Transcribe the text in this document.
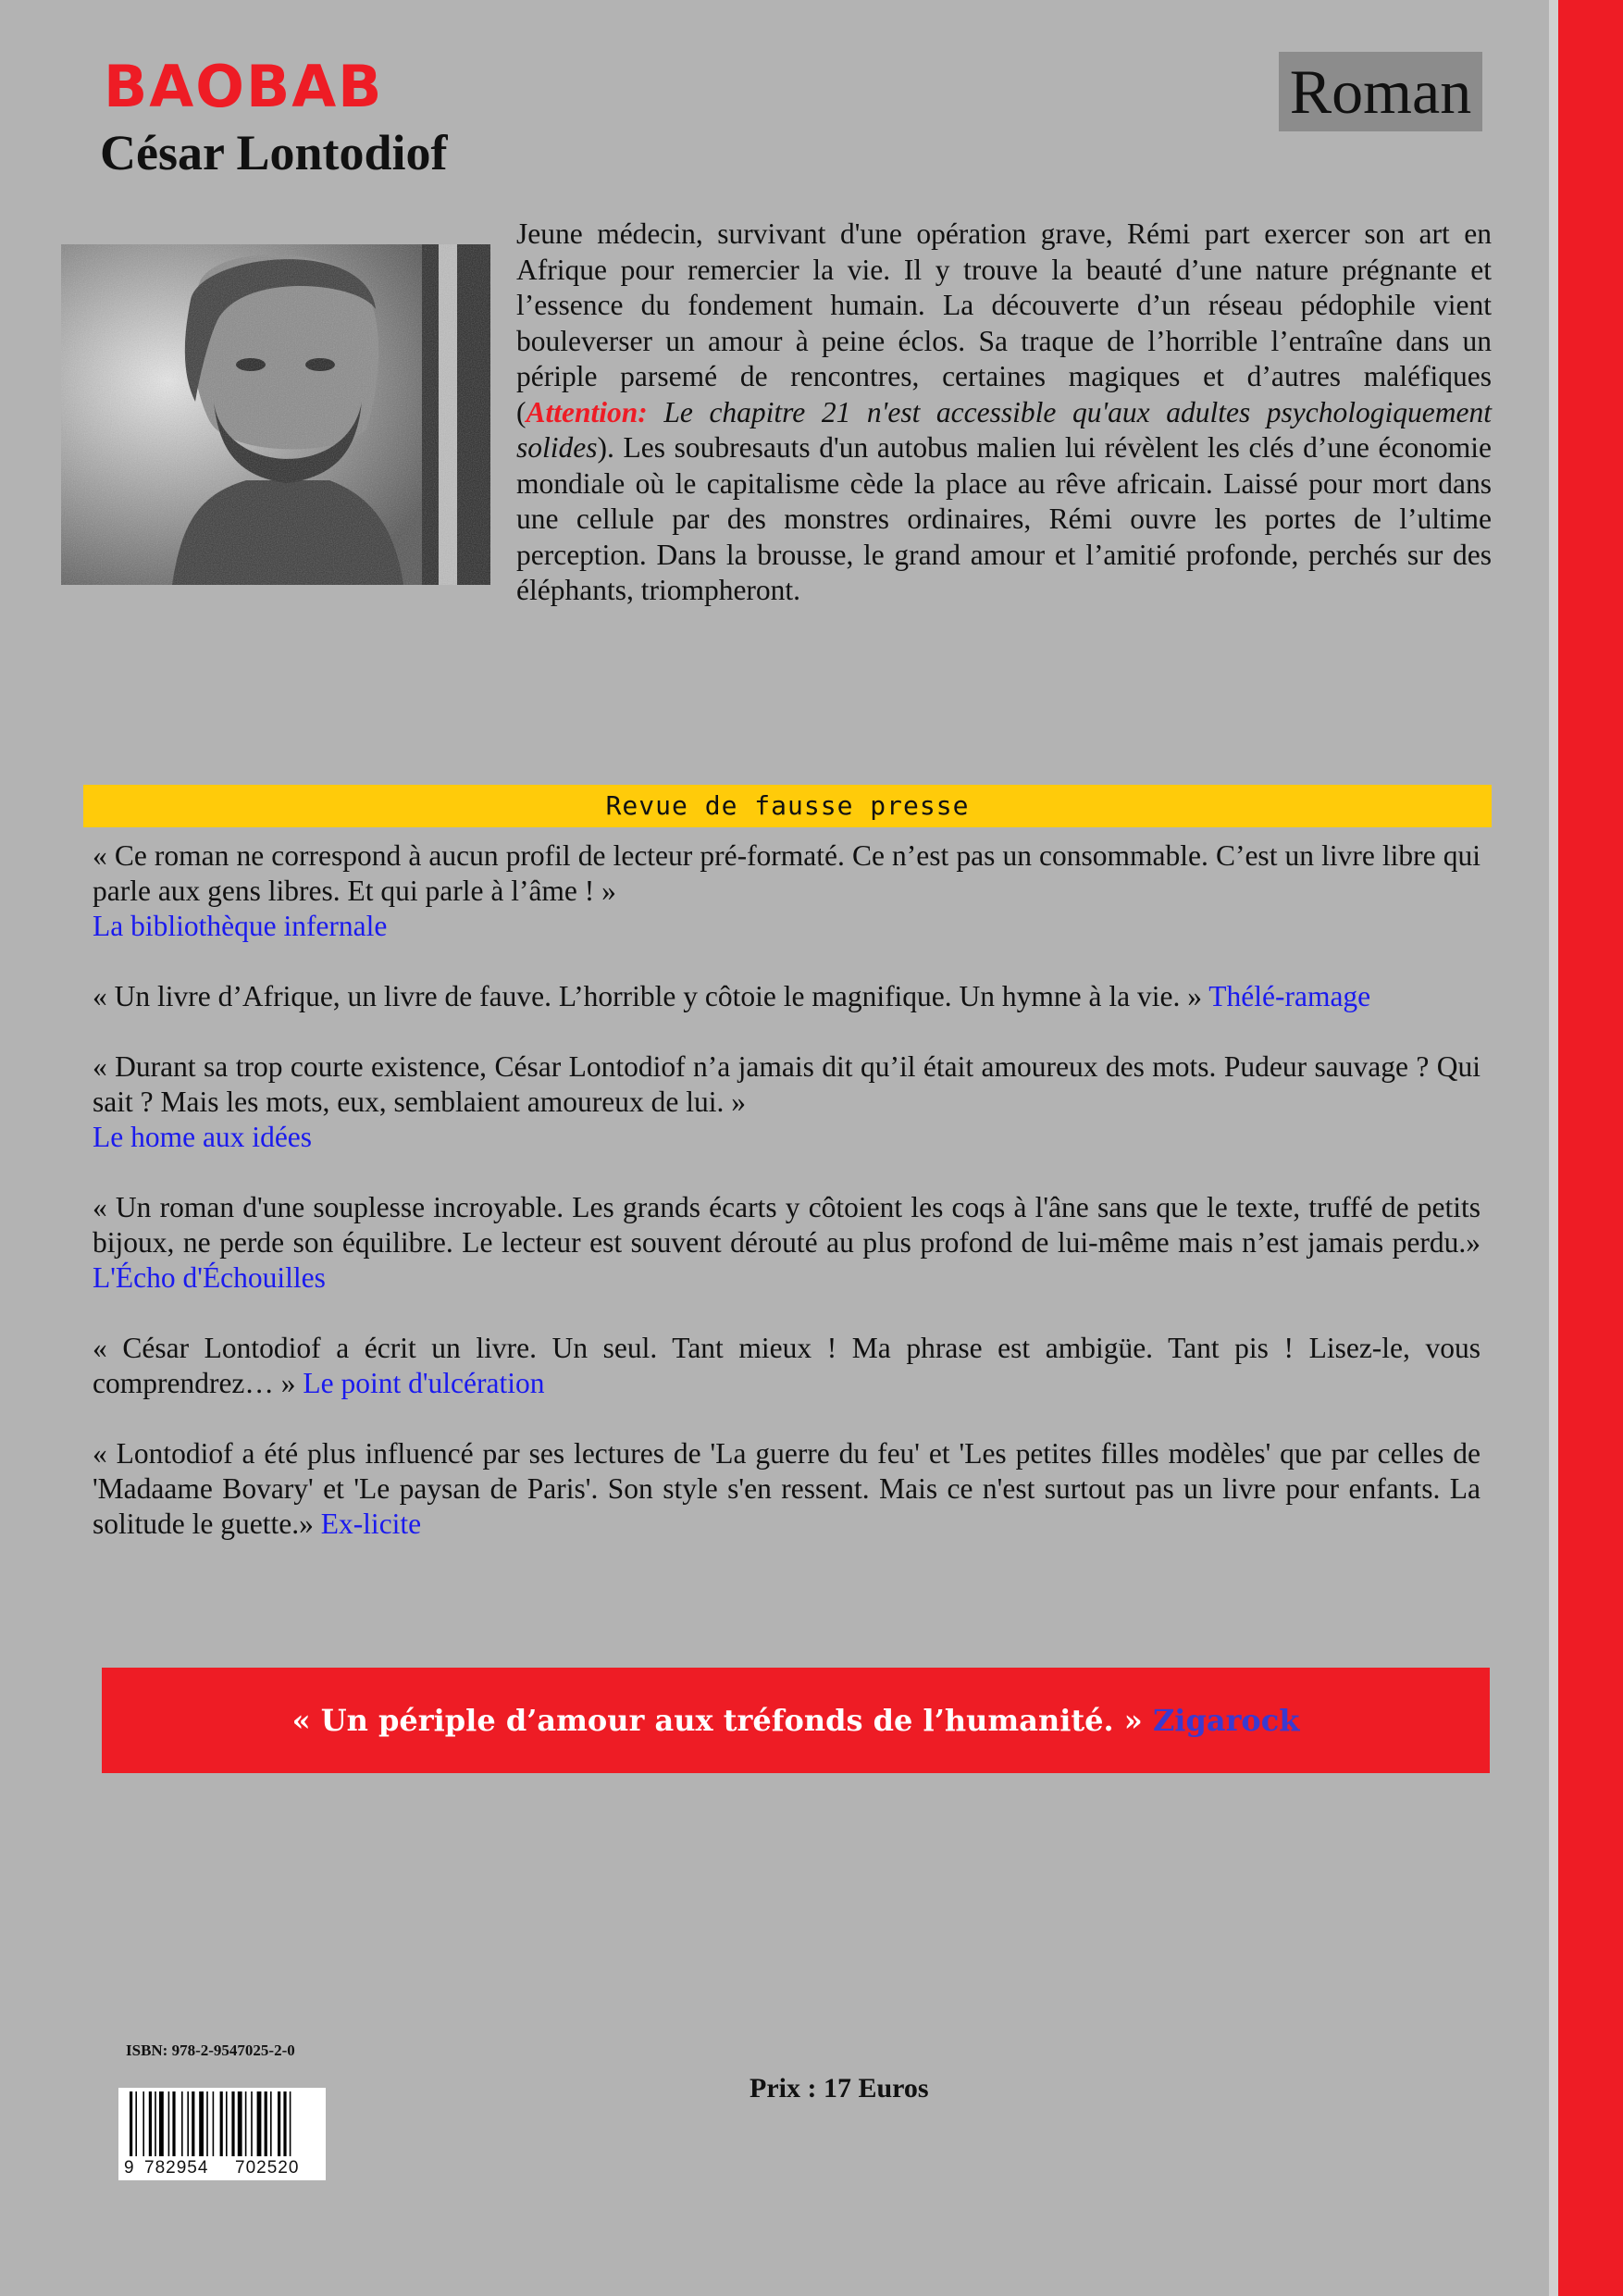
BAOBAB
César Lontodiof
Roman

Jeune médecin, survivant d'une opération grave, Rémi part exercer son art en Afrique pour remercier la vie. Il y trouve la beauté d’une nature prégnante et l’essence du fondement humain. La découverte d’un réseau pédophile vient bouleverser un amour à peine éclos. Sa traque de l’horrible l’entraîne dans un périple parsemé de rencontres, certaines magiques et d’autres maléfiques (Attention: Le chapitre 21 n'est accessible qu'aux adultes psychologiquement solides). Les soubresauts d'un autobus malien lui révèlent les clés d’une économie mondiale où le capitalisme cède la place au rêve africain. Laissé pour mort dans une cellule par des monstres ordinaires, Rémi ouvre les portes de l’ultime perception. Dans la brousse, le grand amour et l’amitié profonde, perchés sur des éléphants, triompheront.

Revue de fausse presse

« Ce roman ne correspond à aucun profil de lecteur pré-formaté. Ce n’est pas un consommable. C’est un livre libre qui parle aux gens libres. Et qui parle à l’âme ! »
La bibliothèque infernale

« Un livre d’Afrique, un livre de fauve. L’horrible y côtoie le magnifique. Un hymne à la vie. » Thélé-ramage

« Durant sa trop courte existence, César Lontodiof n’a jamais dit qu’il était amoureux des mots. Pudeur sauvage ? Qui sait ? Mais les mots, eux, semblaient amoureux de lui. »
Le home aux idées

« Un roman d'une souplesse incroyable. Les grands écarts y côtoient les coqs à l'âne sans que le texte, truffé de petits bijoux, ne perde son équilibre. Le lecteur est souvent dérouté au plus profond de lui-même mais n’est jamais perdu.» L'Écho d'Échouilles

« César Lontodiof a écrit un livre. Un seul. Tant mieux ! Ma phrase est ambigüe. Tant pis ! Lisez-le, vous comprendrez… » Le point d'ulcération

« Lontodiof a été plus influencé par ses lectures de 'La guerre du feu' et 'Les petites filles modèles' que par celles de 'Madaame Bovary' et 'Le paysan de Paris'. Son style s'en ressent. Mais ce n'est surtout pas un livre pour enfants. La solitude le guette.» Ex-licite

« Un périple d’amour aux tréfonds de l’humanité. » Zigarock
ISBN: 978-2-9547025-2-0
9 782954 702520
Prix : 17 Euros
